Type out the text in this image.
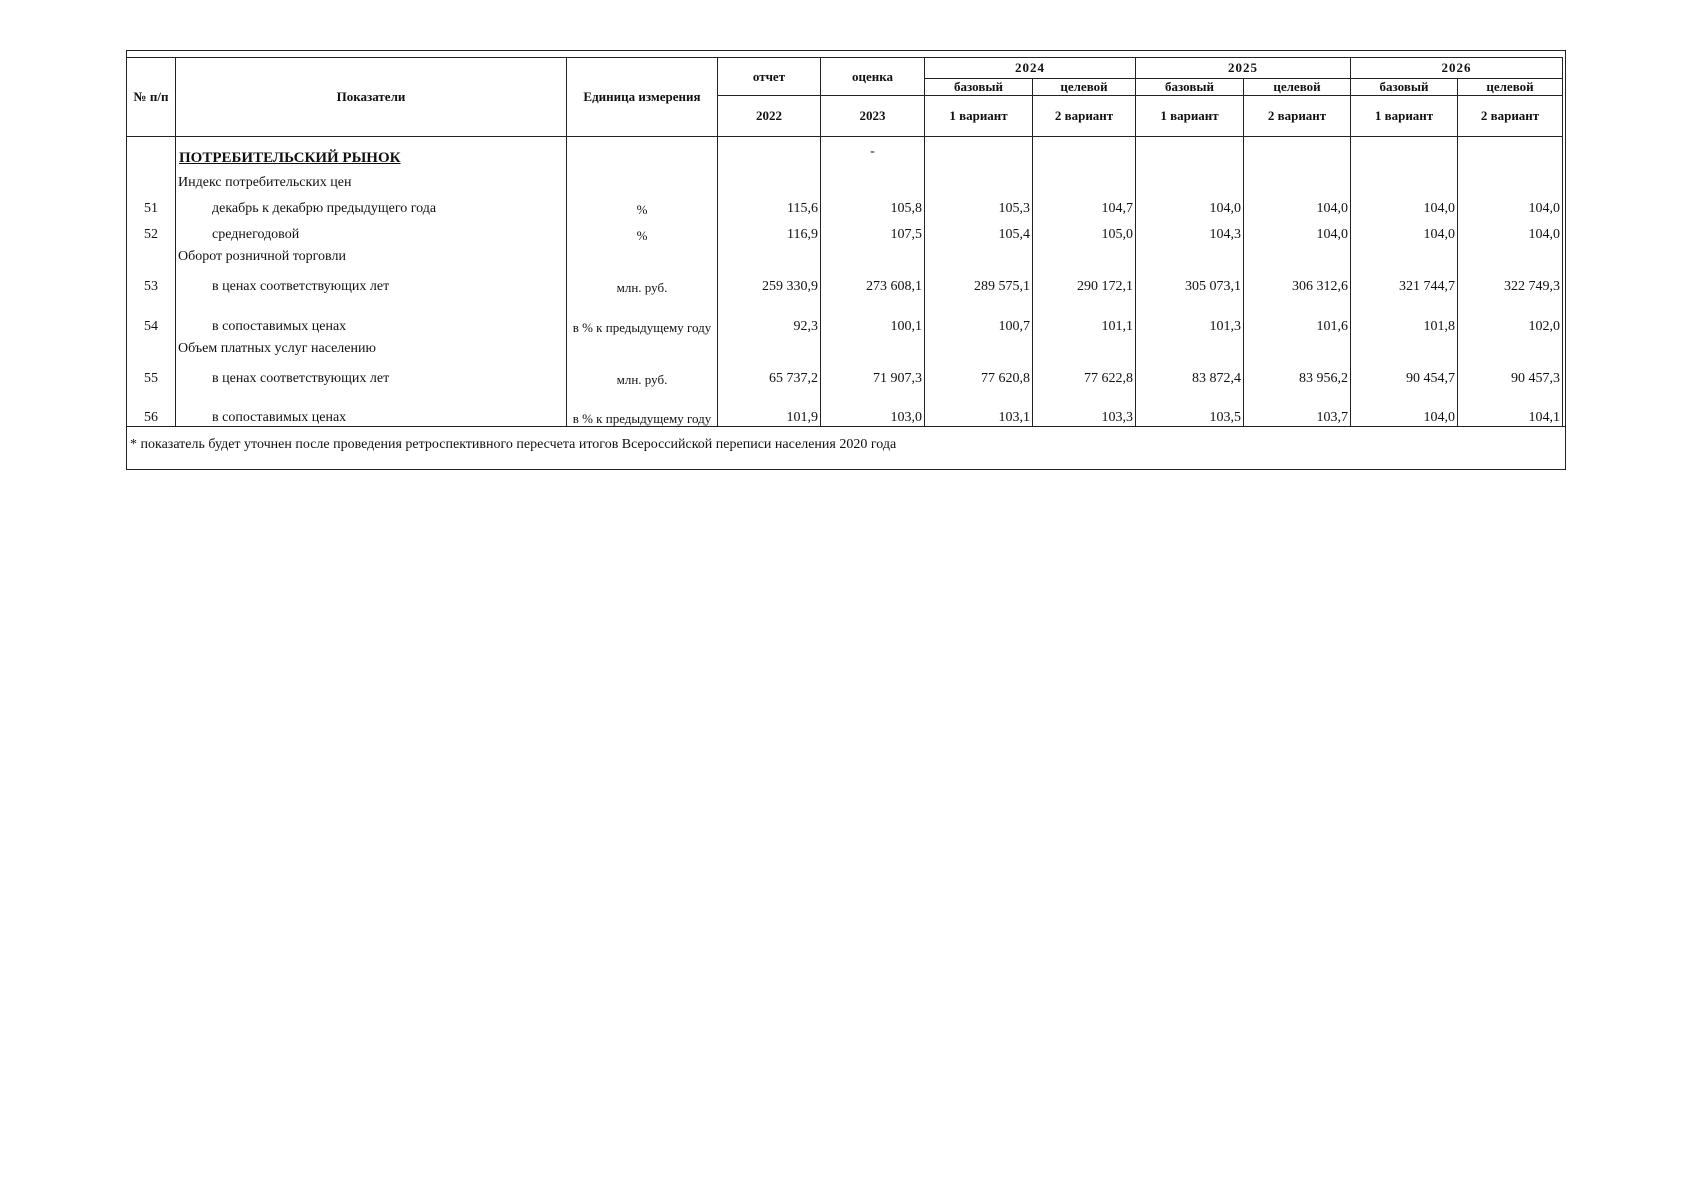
№ п/п	Показатели	Единица измерения	отчет	оценка	2024		2025		2026	
					базовый	целевой	базовый	целевой	базовый	целевой
			2022	2023	1 вариант	2 вариант	1 вариант	2 вариант	1 вариант	2 вариант

	ПОТРЕБИТЕЛЬСКИЙ РЫНОК			-						
	Индекс потребительских цен									
51	декабрь к декабрю предыдущего года	%	115,6	105,8	105,3	104,7	104,0	104,0	104,0	104,0
52	среднегодовой	%	116,9	107,5	105,4	105,0	104,3	104,0	104,0	104,0
	Оборот розничной торговли									
53	в ценах соответствующих лет	млн. руб.	259 330,9	273 608,1	289 575,1	290 172,1	305 073,1	306 312,6	321 744,7	322 749,3
54	в сопоставимых ценах	в % к предыдущему году	92,3	100,1	100,7	101,1	101,3	101,6	101,8	102,0
	Объем платных услуг населению									
55	в ценах соответствующих лет	млн. руб.	65 737,2	71 907,3	77 620,8	77 622,8	83 872,4	83 956,2	90 454,7	90 457,3
56	в сопоставимых ценах	в % к предыдущему году	101,9	103,0	103,1	103,3	103,5	103,7	104,0	104,1
* показатель будет уточнен после проведения ретроспективного пересчета итогов Всероссийской переписи населения 2020 года
